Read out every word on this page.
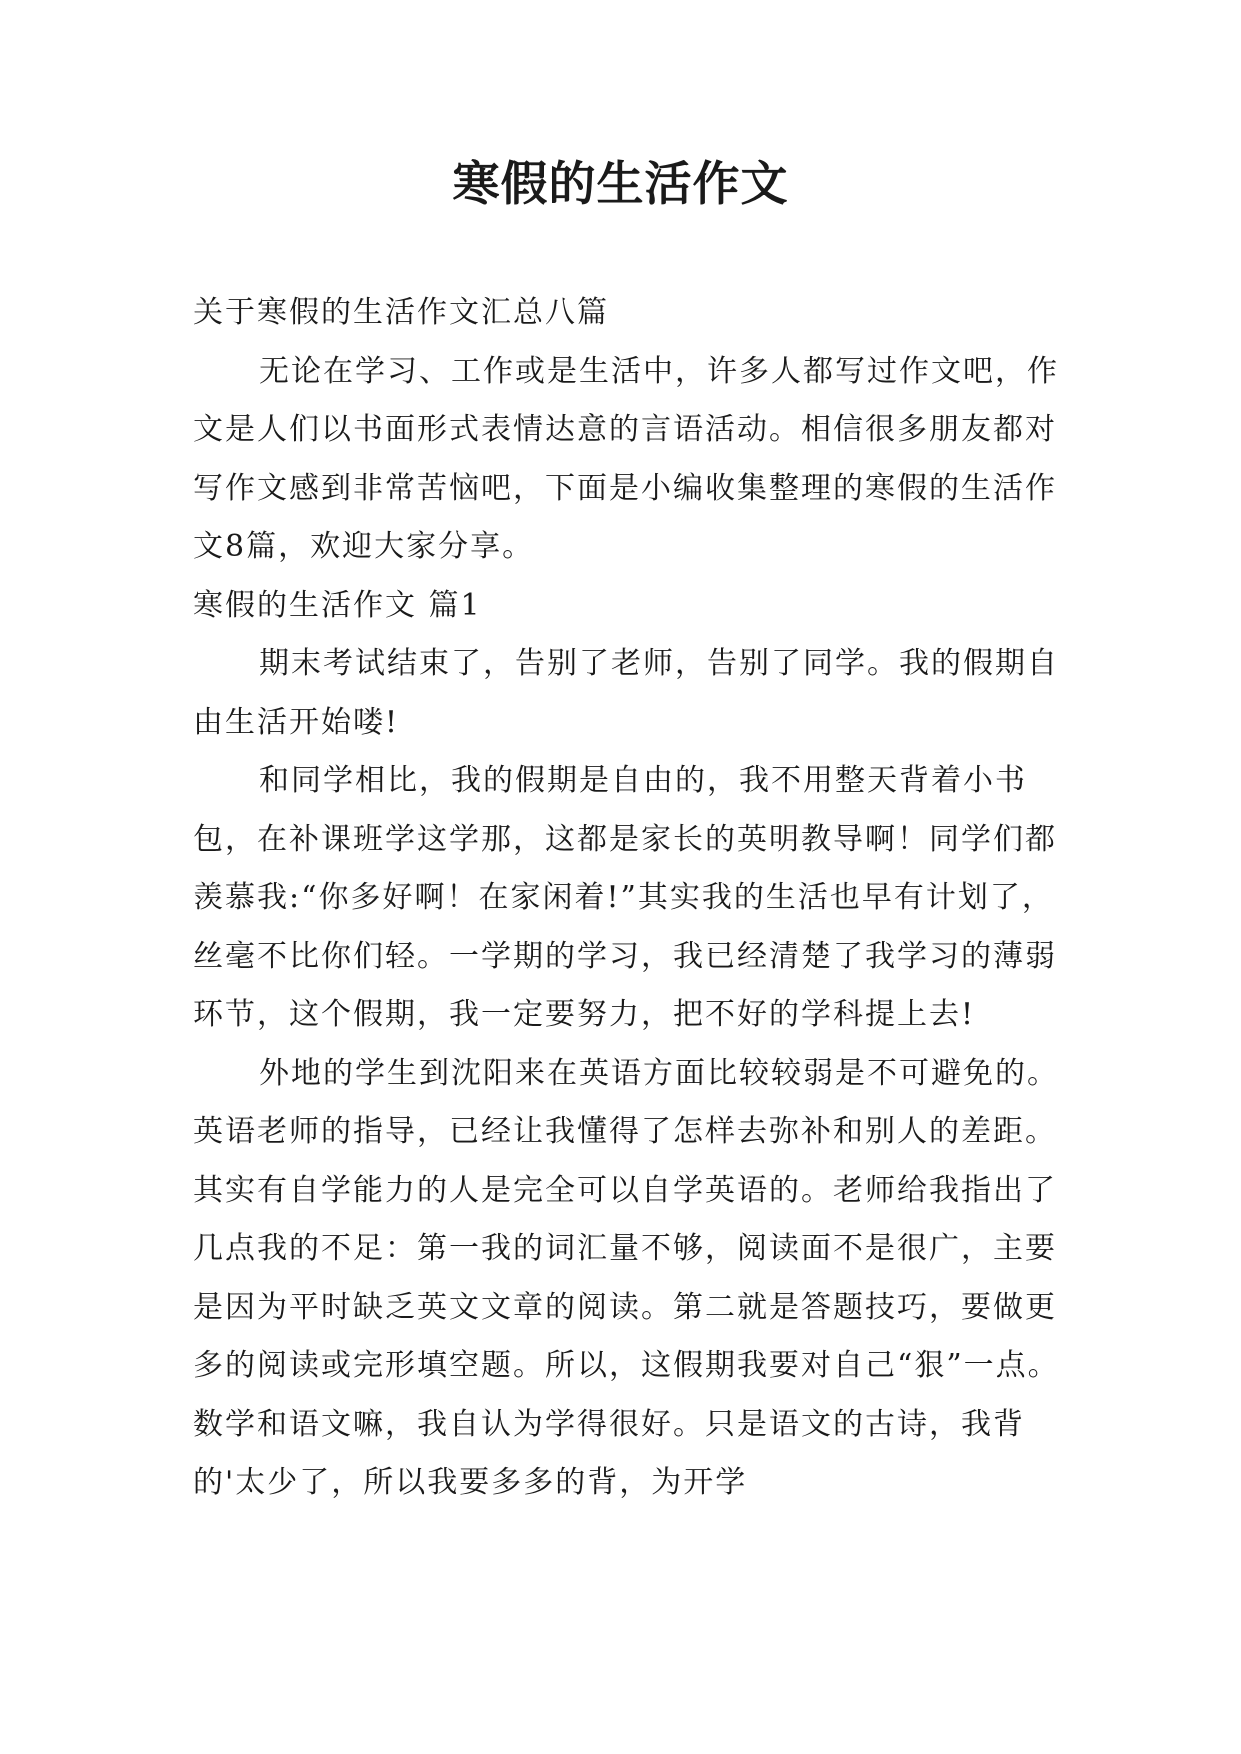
寒假的生活作文

关于寒假的生活作文汇总八篇

无论在学习、工作或是生活中，许多人都写过作文吧，作文是人们以书面形式表情达意的言语活动。相信很多朋友都对写作文感到非常苦恼吧，下面是小编收集整理的寒假的生活作文8篇，欢迎大家分享。

寒假的生活作文 篇1

期末考试结束了，告别了老师，告别了同学。我的假期自由生活开始喽!

和同学相比，我的假期是自由的，我不用整天背着小书包，在补课班学这学那，这都是家长的英明教导啊！同学们都羡慕我:“你多好啊！在家闲着!”其实我的生活也早有计划了，丝毫不比你们轻。一学期的学习，我已经清楚了我学习的薄弱环节，这个假期，我一定要努力，把不好的学科提上去!

外地的学生到沈阳来在英语方面比较较弱是不可避免的。英语老师的指导，已经让我懂得了怎样去弥补和别人的差距。其实有自学能力的人是完全可以自学英语的。老师给我指出了几点我的不足：第一我的词汇量不够，阅读面不是很广，主要是因为平时缺乏英文文章的阅读。第二就是答题技巧，要做更多的阅读或完形填空题。所以，这假期我要对自己“狠”一点。数学和语文嘛，我自认为学得很好。只是语文的古诗，我背的'太少了，所以我要多多的背，为开学
